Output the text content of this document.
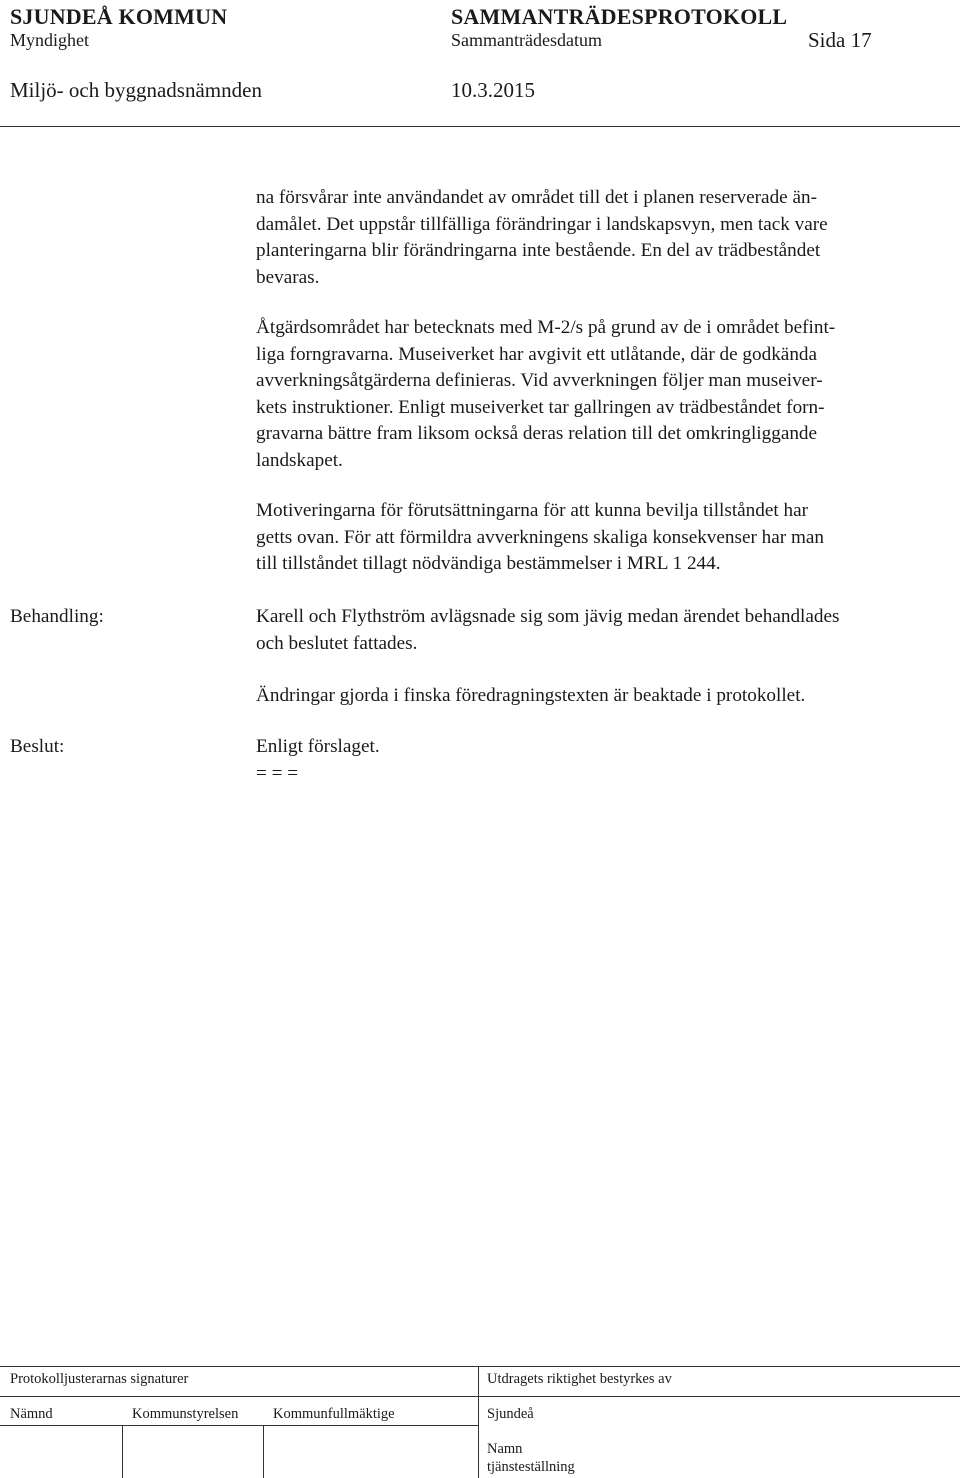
SJUNDEÅ KOMMUN	SAMMANTRÄDESPROTOKOLL
Myndighet	Sammanträdesdatum	Sida 17
Miljö- och byggnadsnämnden	10.3.2015
na försvårar inte användandet av området till det i planen reserverade än-
damålet. Det uppstår tillfälliga förändringar i landskapsvyn, men tack vare
planteringarna blir förändringarna inte bestående. En del av trädbeståndet
bevaras.
Åtgärdsområdet har betecknats med M-2/s på grund av de i området befint-
liga forngravarna. Museiverket har avgivit ett utlåtande, där de godkända
avverkningsåtgärderna definieras. Vid avverkningen följer man museiver-
kets instruktioner. Enligt museiverket tar gallringen av trädbeståndet forn-
gravarna bättre fram liksom också deras relation till det omkringliggande
landskapet.
Motiveringarna för förutsättningarna för att kunna bevilja tillståndet har
getts ovan. För att förmildra avverkningens skaliga konsekvenser har man
till tillståndet tillagt nödvändiga bestämmelser i MRL 1 244.
Behandling:	Karell och Flythström avlägsnade sig som jävig medan ärendet behandlades
och beslutet fattades.
Ändringar gjorda i finska föredragningstexten är beaktade i protokollet.
Beslut:	Enligt förslaget.
= = =
Protokolljusterarnas signaturer	Utdragets riktighet bestyrkes av
Nämnd	Kommunstyrelsen Kommunfullmäktige	Sjundeå
Namn
tjänsteställning
